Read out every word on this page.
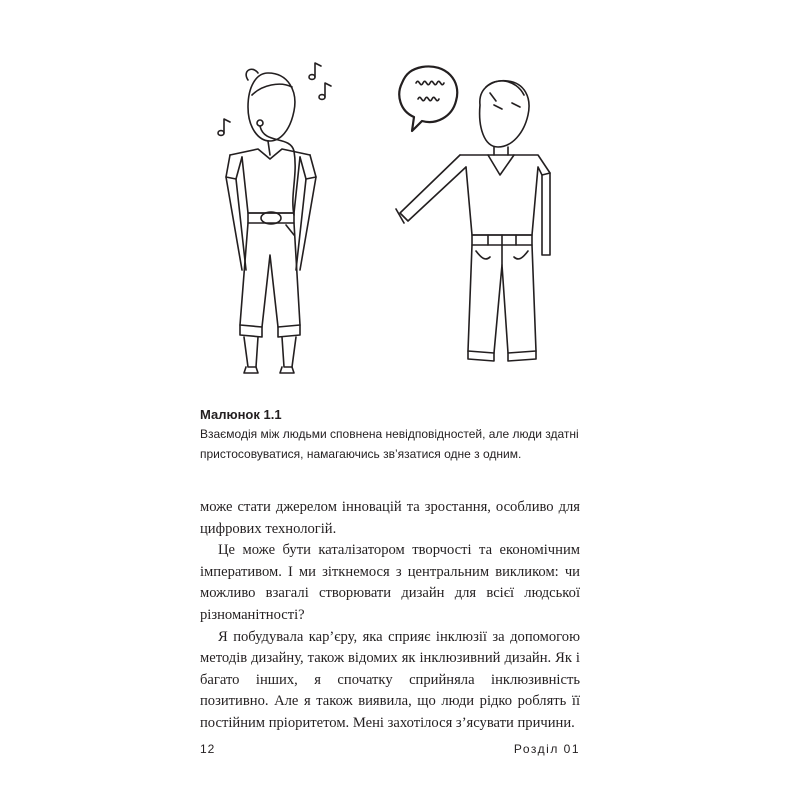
Малюнок 1.1
Взаємодія між людьми сповнена невідповідностей, але люди здатні пристосовуватися, намагаючись зв’язатися одне з одним.

може стати джерелом інновацій та зростання, особливо для цифрових технологій.

Це може бути каталізатором творчості та економічним імперативом. І ми зіткнемося з центральним викликом: чи можливо взагалі створювати дизайн для всієї людської різноманітності?

Я побудувала кар’єру, яка сприяє інклюзії за допомогою методів дизайну, також відомих як інклюзивний дизайн. Як і багато інших, я спочатку сприйняла інклюзивність позитивно. Але я також виявила, що люди рідко роблять її постійним пріоритетом. Мені захотілося з’ясувати причини.

12	Розділ 01
